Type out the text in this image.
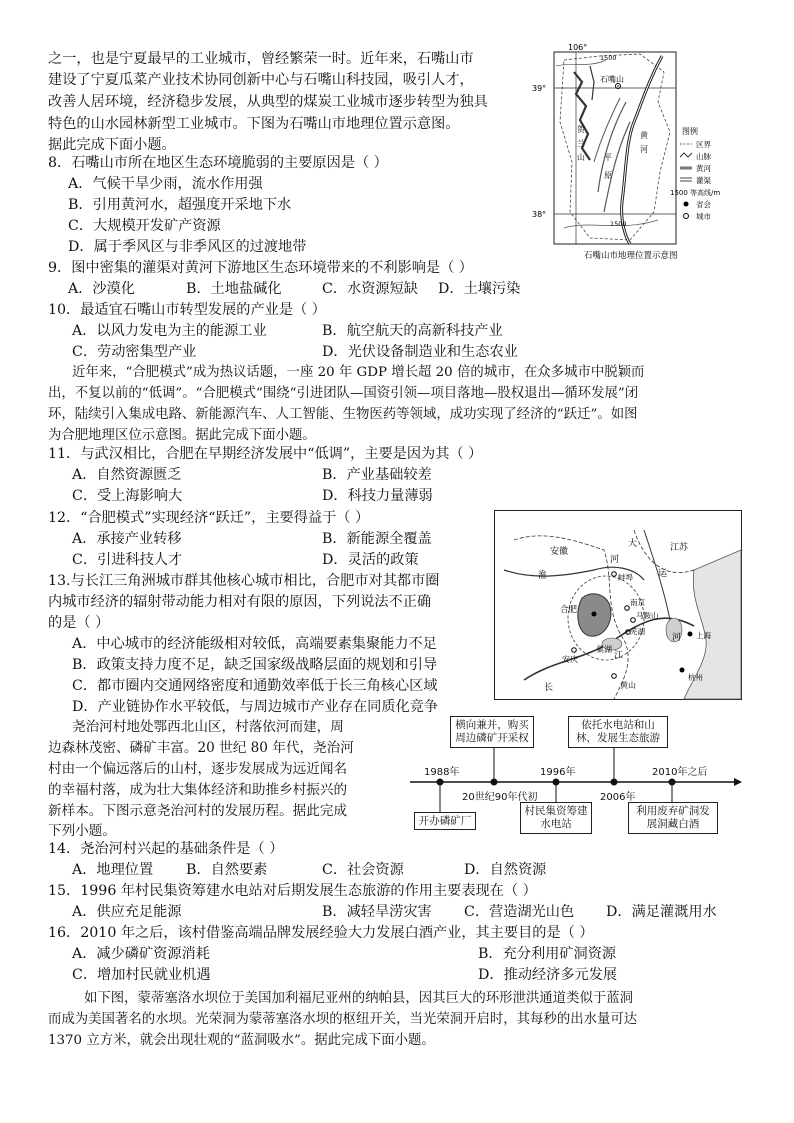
之一，也是宁夏最早的工业城市，曾经繁荣一时。近年来，石嘴山市
建设了宁夏瓜菜产业技术协同创新中心与石嘴山科技园，吸引人才，
改善人居环境，经济稳步发展，从典型的煤炭工业城市逐步转型为独具
特色的山水园林新型工业城市。下图为石嘴山市地理位置示意图。
据此完成下面小题。
8．石嘴山市所在地区生态环境脆弱的主要原因是（ ）
A．气候干旱少雨，流水作用强
B．引用黄河水，超强度开采地下水
C．大规模开发矿产资源
D．属于季风区与非季风区的过渡地带
9．图中密集的灌渠对黄河下游地区生态环境带来的不利影响是（ ）
A．沙漠化	B．土地盐碱化	C．水资源短缺 D．土壤污染
10．最适宜石嘴山市转型发展的产业是（ ）
A．以风力发电为主的能源工业	B．航空航天的高新科技产业
C．劳动密集型产业	D．光伏设备制造业和生态农业
近年来，“合肥模式”成为热议话题，一座 20 年 GDP 增长超 20 倍的城市，在众多城市中脱颖而
出，不复以前的“低调”。“合肥模式”围绕“引进团队—国资引领—项目落地—股权退出—循环发展”闭
环，陆续引入集成电路、新能源汽车、人工智能、生物医药等领域，成功实现了经济的“跃迁”。如图
为合肥地理区位示意图。据此完成下面小题。
11．与武汉相比，合肥在早期经济发展中“低调”，主要是因为其（ ）
A．自然资源匮乏	B．产业基础较差
C．受上海影响大	D．科技力量薄弱
12．“合肥模式”实现经济“跃迁”，主要得益于（ ）
A．承接产业转移	B．新能源全覆盖
C．引进科技人才	D．灵活的政策
13.与长江三角洲城市群其他核心城市相比，合肥市对其都市圈
内城市经济的辐射带动能力相对有限的原因，下列说法不正确
的是（ ）
A．中心城市的经济能级相对较低，高端要素集聚能力不足
B．政策支持力度不足，缺乏国家级战略层面的规划和引导
C．都市圈内交通网络密度和通勤效率低于长三角核心区域
D．产业链协作水平较低，与周边城市产业存在同质化竞争
尧治河村地处鄂西北山区，村落依河而建，周
边森林茂密、磷矿丰富。20 世纪 80 年代，尧治河
村由一个偏远落后的山村，逐步发展成为远近闻名
的幸福村落，成为壮大集体经济和助推乡村振兴的
新样本。下图示意尧治河村的发展历程。据此完成
下列小题。
14．尧治河村兴起的基础条件是（ ）
A．地理位置 B．自然要素	C．社会资源	D．自然资源
15．1996 年村民集资筹建水电站对后期发展生态旅游的作用主要表现在（ ）
A．供应充足能源	B．减轻旱涝灾害 C．营造湖光山色 D．满足灌溉用水
16．2010 年之后，该村借鉴高端品牌发展经验大力发展白酒产业，其主要目的是（ ）
A．减少磷矿资源消耗	B．充分利用矿洞资源
C．增加村民就业机遇	D．推动经济多元发展
如下图，蒙蒂塞洛水坝位于美国加利福尼亚州的纳帕县，因其巨大的环形泄洪通道类似于蓝洞
而成为美国著名的水坝。光荣洞为蒙蒂塞洛水坝的枢纽开关，当光荣洞开启时，其每秒的出水量可达
1370 立方米，就会出现壮观的“蓝洞吸水”。据此完成下面小题。
106°
39°
38°
1500
1500
石嘴山
贺
兰
山 平
原
黄
河
图例
区界
山脉
黄河
灌渠
1500 等高线/m
省会
城市
石嘴山市地理位置示意图
安徽	江苏
淮
河
大
运
河
江
合肥
南京
马鞍山
芜湖	上海
安庆
巢湖
黄山
杭州
蚌埠
长
横向兼并，购买周边磷矿开采权
依托水电站和山林，发展生态旅游
开办磷矿厂
村民集资筹建水电站
利用废弃矿洞发展洞藏白酒
1988年	1996年	2010年之后
20世纪90年代初	2006年
